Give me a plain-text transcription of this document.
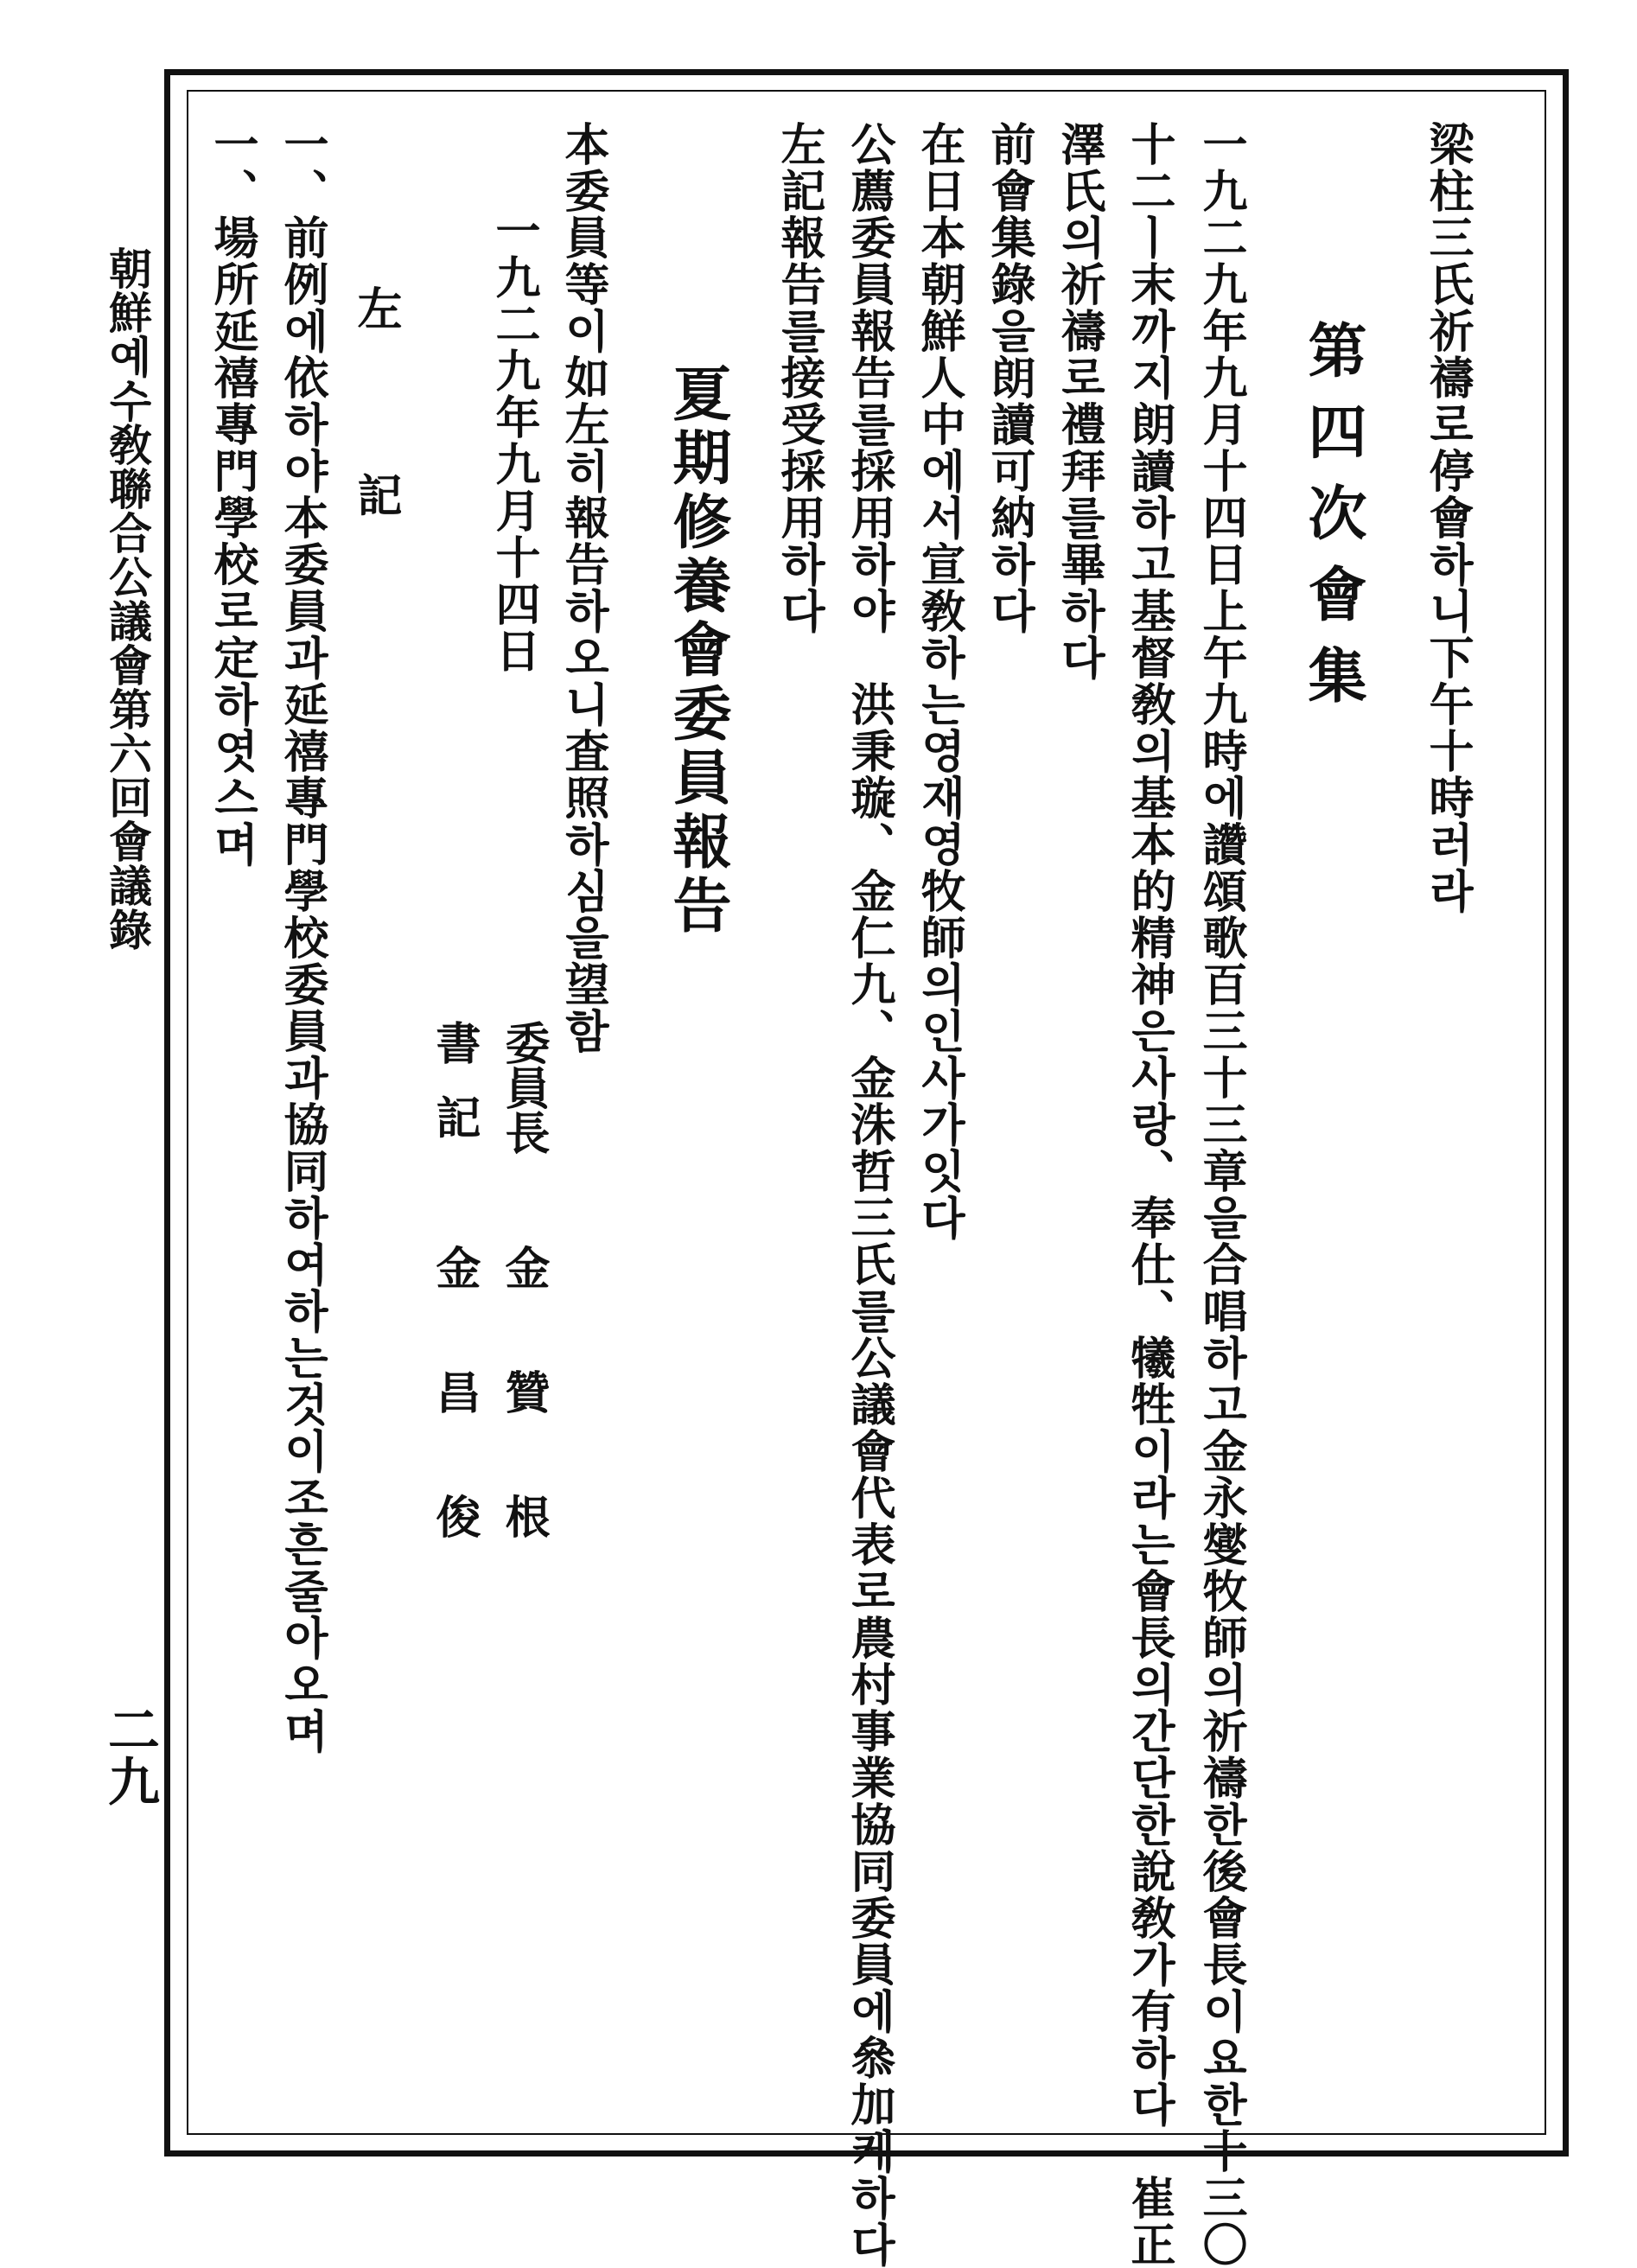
梁柱三氏祈禱로停會하니下午十時러라
第四次會集
一九二九年九月十四日上午九時에讚頌歌百三十三章을合唱하고金永燮牧師의祈禱한後會長이요한十三〇
十二ㅣ末까지朗讀하고基督敎의基本的精神은사랑、奉仕、犧牲이라는會長의간단한說敎가有하다　崔正
澤氏의祈禱로禮拜를畢하다
前會集錄을朗讀可納하다
在日本朝鮮人中에서宣敎하는영재영牧師의인사가잇다
公薦委員報告를採用하야　洪秉璇、金仁九、金洙哲三氏를公議會代表로農村事業協同委員에叅加케하다
左記報告를接受採用하다
夏期修養會委員報告
本委員等이如左히報告하오니査照하심을望함
一九二九年九月十四日
委員長
金　贊　根
書記
金　昌　俊
左　　記
一、前例에依하야本委員과延禧專門學校委員과協同하여하는것이조흔줄아오며
一、場所延禧專門學校로定하엿스며
朝鮮예수敎聯合公議會第六回會議錄
二九
